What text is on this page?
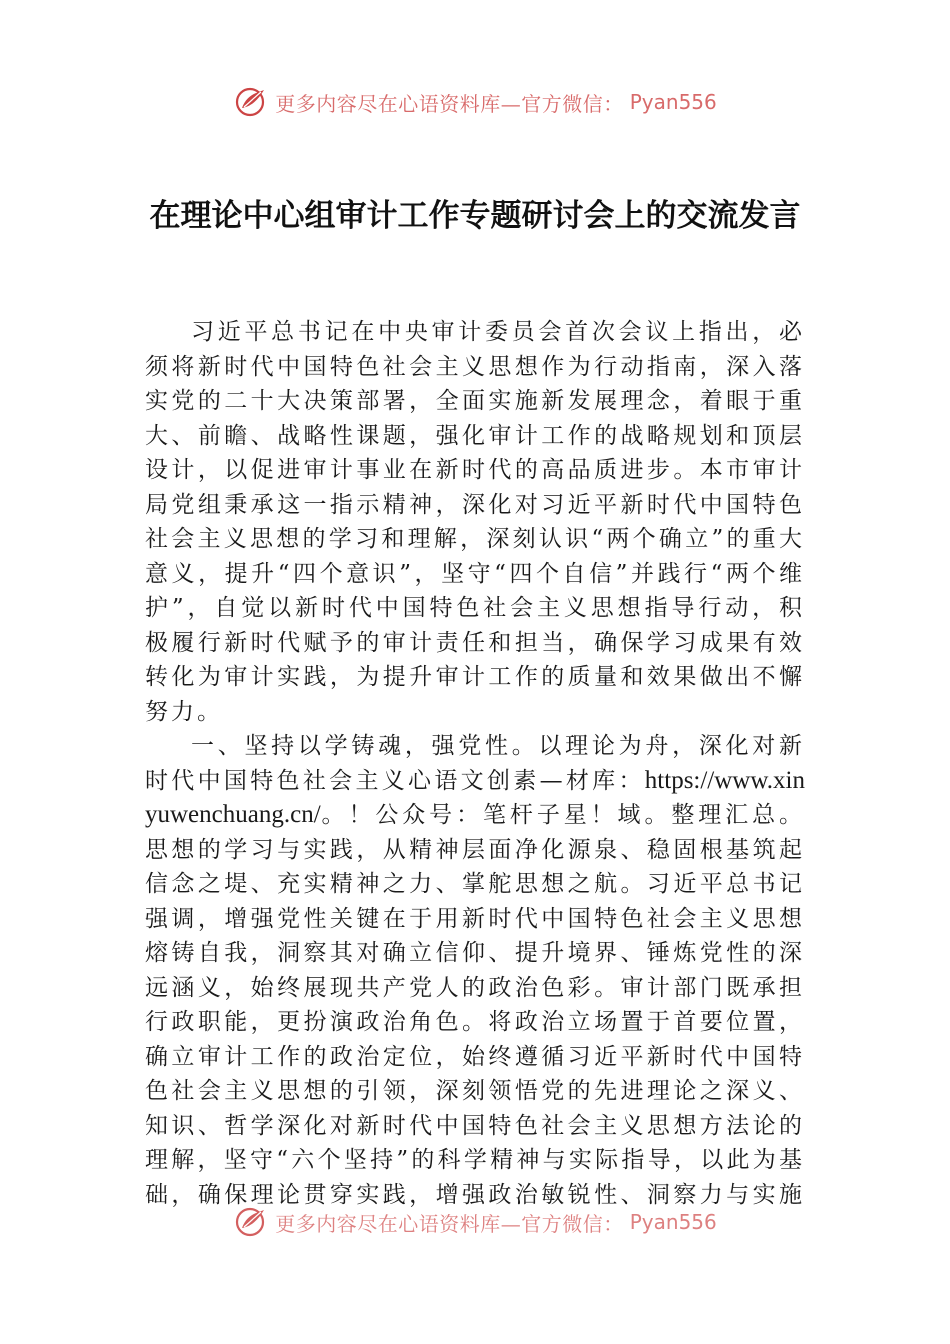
更多内容尽在心语资料库—官方微信： Pyan556
在理论中心组审计工作专题研讨会上的交流发言

习近平总书记在中央审计委员会首次会议上指出，必须将新时代中国特色社会主义思想作为行动指南，深入落实党的二十大决策部署，全面实施新发展理念，着眼于重大、前瞻、战略性课题，强化审计工作的战略规划和顶层设计，以促进审计事业在新时代的高品质进步。本市审计局党组秉承这一指示精神，深化对习近平新时代中国特色社会主义思想的学习和理解，深刻认识“两个确立”的重大意义，提升“四个意识”，坚守“四个自信”并践行“两个维护”，自觉以新时代中国特色社会主义思想指导行动，积极履行新时代赋予的审计责任和担当，确保学习成果有效转化为审计实践，为提升审计工作的质量和效果做出不懈努力。

一、坚持以学铸魂，强党性。以理论为舟，深化对新时代中国特色社会主义心语文创素—材库：https://www.xinyuwenchuang.cn/。！公众号：笔杆子星！域。整理汇总。思想的学习与实践，从精神层面净化源泉、稳固根基筑起信念之堤、充实精神之力、掌舵思想之航。习近平总书记强调，增强党性关键在于用新时代中国特色社会主义思想熔铸自我，洞察其对确立信仰、提升境界、锤炼党性的深远涵义，始终展现共产党人的政治色彩。审计部门既承担行政职能，更扮演政治角色。将政治立场置于首要位置，确立审计工作的政治定位，始终遵循习近平新时代中国特色社会主义思想的引领，深刻领悟党的先进理论之深义、知识、哲学深化对新时代中国特色社会主义思想方法论的理解，坚守“六个坚持”的科学精神与实际指导，以此为基础，确保理论贯穿实践，增强政治敏锐性、洞察力与实施

更多内容尽在心语资料库—官方微信： Pyan556
